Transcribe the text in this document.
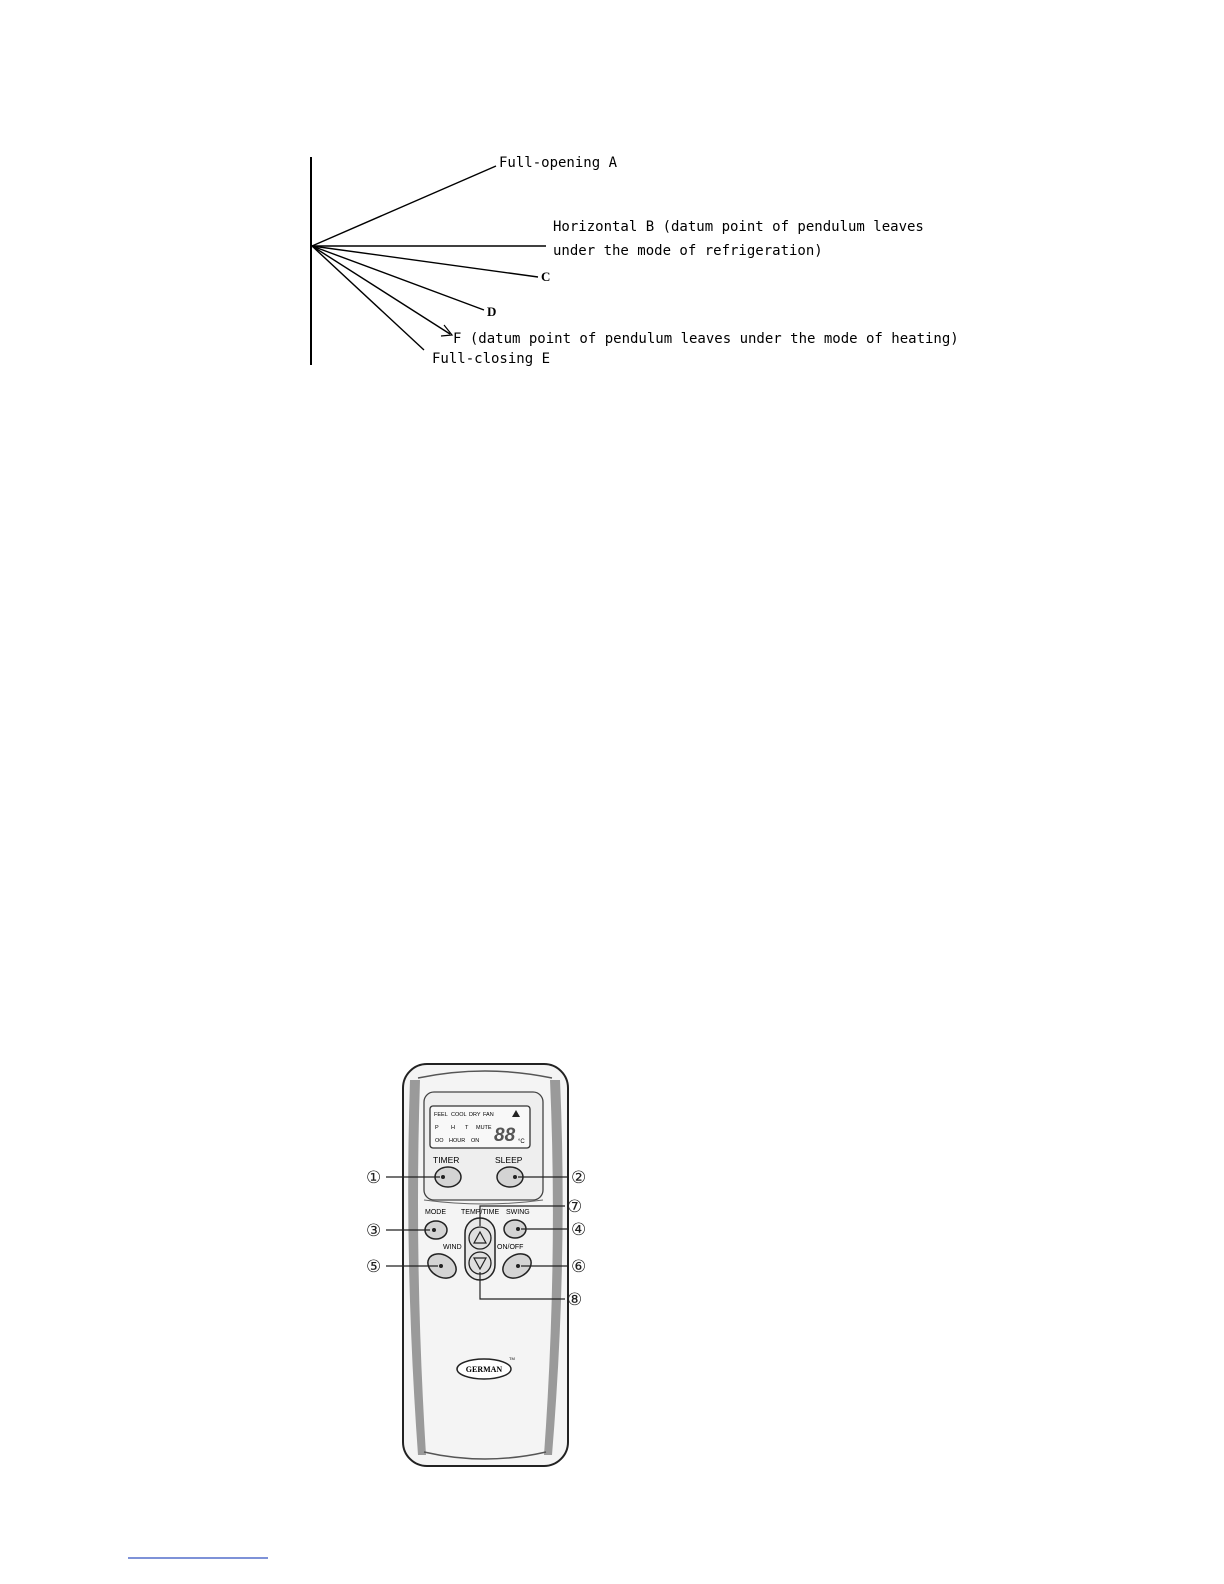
Full-opening A
Horizontal B (datum point of pendulum leaves
under the mode of refrigeration)
C
D
F (datum point of pendulum leaves under the mode of heating)
Full-closing E
FEEL COOL DRY FAN
P H T MUTE
OO HOUR ON 88 °C
TIMER	SLEEP
MODE TEMP/TIME SWING
WIND	ON/OFF
GERMAN
TM
①	②
⑦
③	④
⑤	⑥
⑧
